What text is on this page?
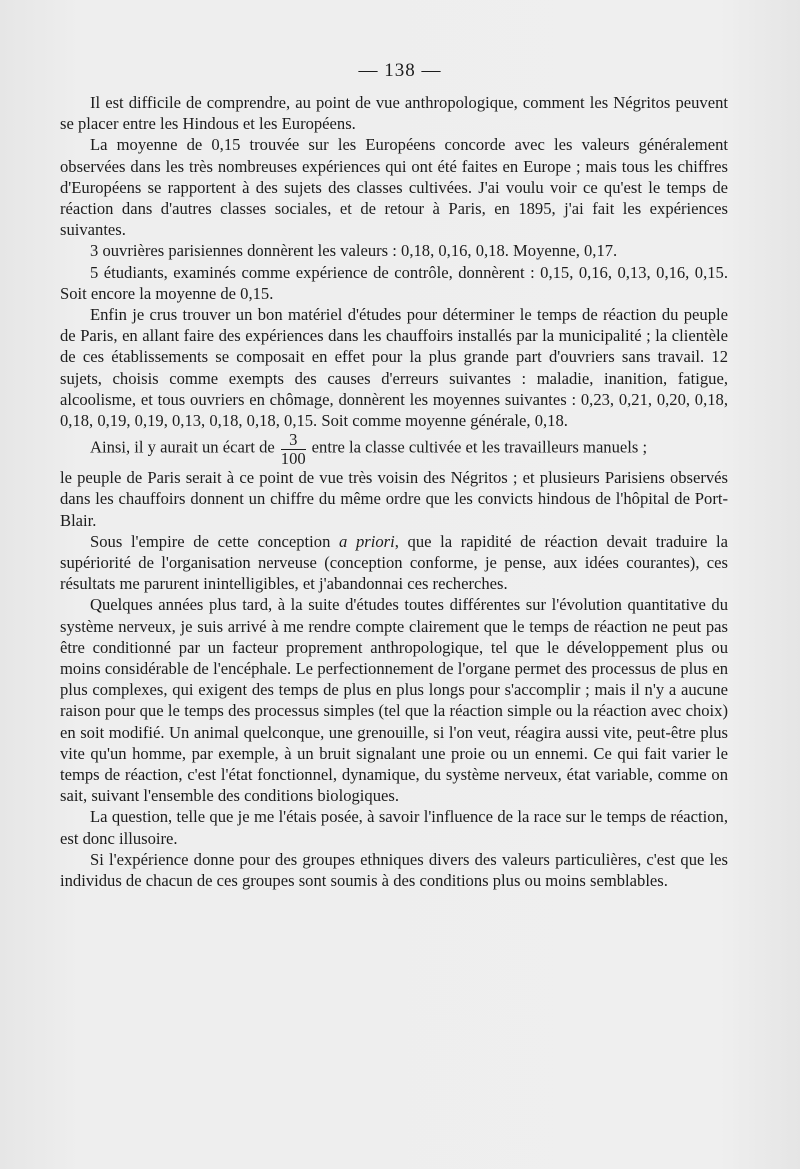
— 138 —

Il est difficile de comprendre, au point de vue anthropologique, comment les Négritos peuvent se placer entre les Hindous et les Européens.

La moyenne de 0,15 trouvée sur les Européens concorde avec les valeurs généralement observées dans les très nombreuses expériences qui ont été faites en Europe ; mais tous les chiffres d'Européens se rapportent à des sujets des classes cultivées. J'ai voulu voir ce qu'est le temps de réaction dans d'autres classes sociales, et de retour à Paris, en 1895, j'ai fait les expériences suivantes.

3 ouvrières parisiennes donnèrent les valeurs : 0,18, 0,16, 0,18. Moyenne, 0,17.

5 étudiants, examinés comme expérience de contrôle, donnèrent : 0,15, 0,16, 0,13, 0,16, 0,15. Soit encore la moyenne de 0,15.

Enfin je crus trouver un bon matériel d'études pour déterminer le temps de réaction du peuple de Paris, en allant faire des expériences dans les chauffoirs installés par la municipalité ; la clientèle de ces établissements se composait en effet pour la plus grande part d'ouvriers sans travail. 12 sujets, choisis comme exempts des causes d'erreurs suivantes : maladie, inanition, fatigue, alcoolisme, et tous ouvriers en chômage, donnèrent les moyennes suivantes : 0,23, 0,21, 0,20, 0,18, 0,18, 0,19, 0,19, 0,13, 0,18, 0,18, 0,15. Soit comme moyenne générale, 0,18.

Ainsi, il y aurait un écart de $\frac{3}{100}$ entre la classe cultivée et les travailleurs manuels ;

le peuple de Paris serait à ce point de vue très voisin des Négritos ; et plusieurs Parisiens observés dans les chauffoirs donnent un chiffre du même ordre que les convicts hindous de l'hôpital de Port-Blair.

Sous l'empire de cette conception a priori, que la rapidité de réaction devait traduire la supériorité de l'organisation nerveuse (conception conforme, je pense, aux idées courantes), ces résultats me parurent inintelligibles, et j'abandonnai ces recherches.

Quelques années plus tard, à la suite d'études toutes différentes sur l'évolution quantitative du système nerveux, je suis arrivé à me rendre compte clairement que le temps de réaction ne peut pas être conditionné par un facteur proprement anthropologique, tel que le développement plus ou moins considérable de l'encéphale. Le perfectionnement de l'organe permet des processus de plus en plus complexes, qui exigent des temps de plus en plus longs pour s'accomplir ; mais il n'y a aucune raison pour que le temps des processus simples (tel que la réaction simple ou la réaction avec choix) en soit modifié. Un animal quelconque, une grenouille, si l'on veut, réagira aussi vite, peut-être plus vite qu'un homme, par exemple, à un bruit signalant une proie ou un ennemi. Ce qui fait varier le temps de réaction, c'est l'état fonctionnel, dynamique, du système nerveux, état variable, comme on sait, suivant l'ensemble des conditions biologiques.

La question, telle que je me l'étais posée, à savoir l'influence de la race sur le temps de réaction, est donc illusoire.

Si l'expérience donne pour des groupes ethniques divers des valeurs particulières, c'est que les individus de chacun de ces groupes sont soumis à des conditions plus ou moins semblables.
